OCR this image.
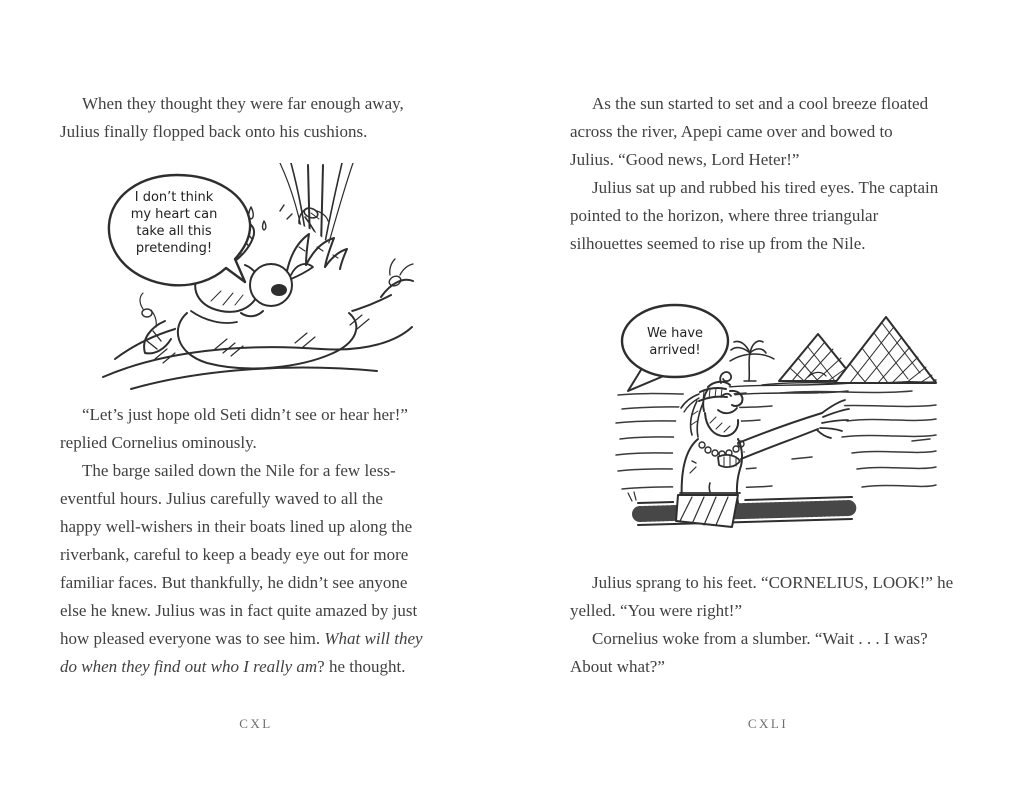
When they thought they were far enough away,
Julius finally flopped back onto his cushions.
I don’t think my heart can take all this pretending!
“Let’s just hope old Seti didn’t see or hear her!”
replied Cornelius ominously.
The barge sailed down the Nile for a few less-
eventful hours. Julius carefully waved to all the
happy well-wishers in their boats lined up along the
riverbank, careful to keep a beady eye out for more
familiar faces. But thankfully, he didn’t see anyone
else he knew. Julius was in fact quite amazed by just
how pleased everyone was to see him. What will they
do when they find out who I really am? he thought.
CXL
As the sun started to set and a cool breeze floated
across the river, Apepi came over and bowed to
Julius. “Good news, Lord Heter!”
Julius sat up and rubbed his tired eyes. The captain
pointed to the horizon, where three triangular
silhouettes seemed to rise up from the Nile.
We have arrived!
Julius sprang to his feet. “CORNELIUS, LOOK!” he
yelled. “You were right!”
Cornelius woke from a slumber. “Wait . . . I was?
About what?”
CXLI
